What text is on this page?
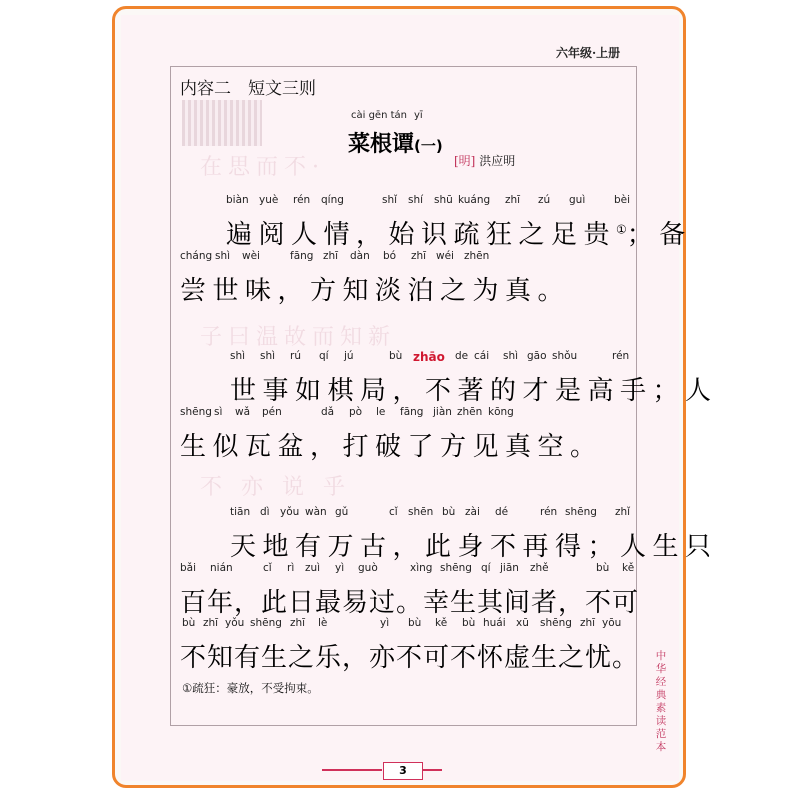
在思而不·
子曰温故而知新
不 亦 说 乎
六年级·上册
内容二　短文三则
cài gēn tán yī
菜根谭(一)
[明] 洪应明
biàn yuè rén qíng	shǐ shí shū kuáng zhī zú guì	bèi
遍阅人情，始识疏狂之足贵①；备
cháng shì wèi	fāng zhī dàn bó zhī wéi zhēn
尝世味，方知淡泊之为真。
shì shì rú qí jú	bù zhāo de cái shì gāo shǒu	rén
世事如棋局，不著的才是高手；人
shēng sì wǎ pén	dǎ pò le fāng jiàn zhēn kōng
生似瓦盆，打破了方见真空。
tiān dì yǒu wàn gǔ	cǐ shēn bù zài dé	rén shēng zhǐ
天地有万古，此身不再得；人生只
bǎi nián	cǐ rì zuì yì guò	xìng shēng qí jiān zhě	bù kě
百年，此日最易过。幸生其间者，不可
bù zhī yǒu shēng zhī lè	yì bù kě bù huái xū shēng zhī yōu
不知有生之乐，亦不可不怀虚生之忧。
①疏狂：豪放，不受拘束。
中华经典素读范本
3
